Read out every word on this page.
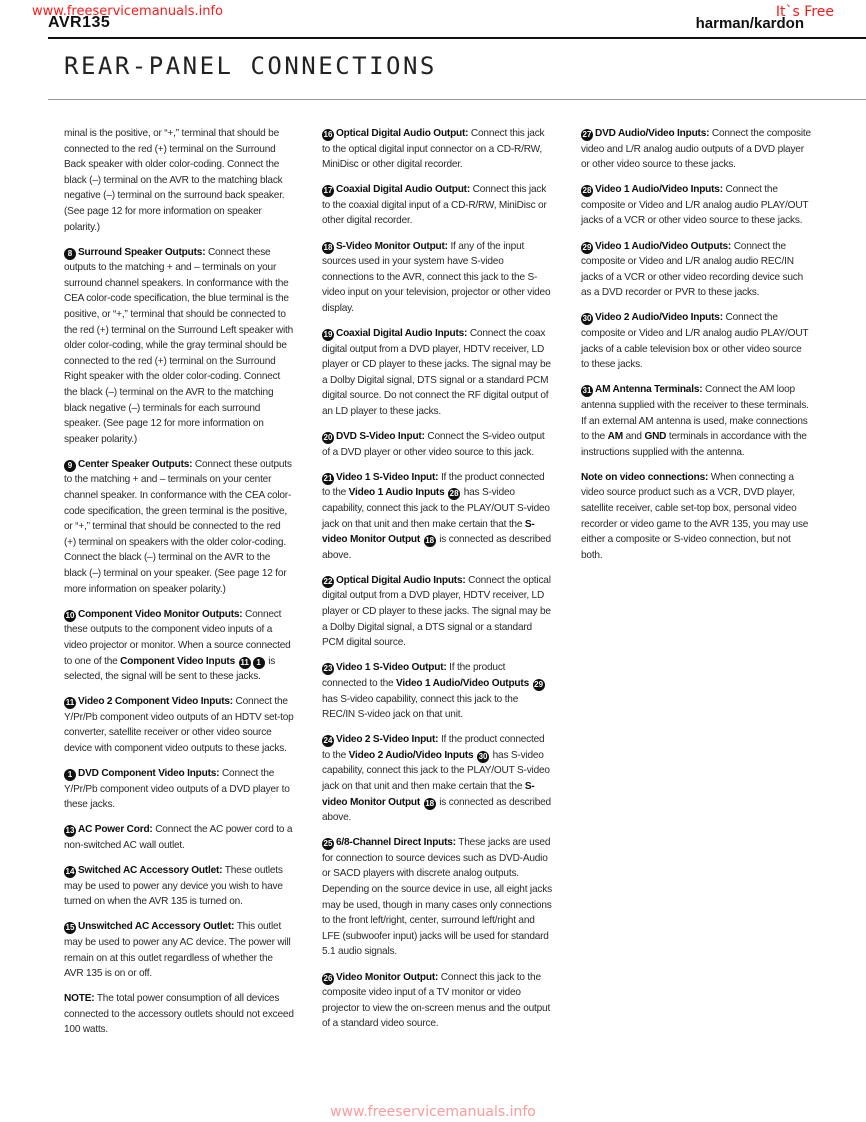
www.freeservicemanuals.info	It`s Free
AVR135	harman/kardon
REAR-PANEL CONNECTIONS

minal is the positive, or “+,” terminal that should be connected to the red (+) terminal on the Surround Back speaker with older color-coding. Connect the black (–) terminal on the AVR to the matching black negative (–) terminal on the surround back speaker. (See page 12 for more information on speaker polarity.)

8 Surround Speaker Outputs: Connect these outputs to the matching + and – terminals on your surround channel speakers. In conformance with the CEA color-code specification, the blue terminal is the positive, or “+,” terminal that should be connected to the red (+) terminal on the Surround Left speaker with older color-coding, while the gray terminal should be connected to the red (+) terminal on the Surround Right speaker with the older color-coding. Connect the black (–) terminal on the AVR to the matching black negative (–) terminals for each surround speaker. (See page 12 for more information on speaker polarity.)

9 Center Speaker Outputs: Connect these outputs to the matching + and – terminals on your center channel speaker. In conformance with the CEA color-code specification, the green terminal is the positive, or “+,” terminal that should be connected to the red (+) terminal on speakers with the older color-coding. Connect the black (–) terminal on the AVR to the black (–) terminal on your speaker. (See page 12 for more information on speaker polarity.)

10 Component Video Monitor Outputs: Connect these outputs to the component video inputs of a video projector or monitor. When a source connected to one of the Component Video Inputs 11 1 is selected, the signal will be sent to these jacks.

11 Video 2 Component Video Inputs: Connect the Y/Pr/Pb component video outputs of an HDTV set-top converter, satellite receiver or other video source device with component video outputs to these jacks.

1 DVD Component Video Inputs: Connect the Y/Pr/Pb component video outputs of a DVD player to these jacks.

13 AC Power Cord: Connect the AC power cord to a non-switched AC wall outlet.

14 Switched AC Accessory Outlet: These outlets may be used to power any device you wish to have turned on when the AVR 135 is turned on.

15 Unswitched AC Accessory Outlet: This outlet may be used to power any AC device. The power will remain on at this outlet regardless of whether the AVR 135 is on or off.

NOTE: The total power consumption of all devices connected to the accessory outlets should not exceed 100 watts.

16 Optical Digital Audio Output: Connect this jack to the optical digital input connector on a CD-R/RW, MiniDisc or other digital recorder.

17 Coaxial Digital Audio Output: Connect this jack to the coaxial digital input of a CD-R/RW, MiniDisc or other digital recorder.

18 S-Video Monitor Output: If any of the input sources used in your system have S-video connections to the AVR, connect this jack to the S-video input on your television, projector or other video display.

19 Coaxial Digital Audio Inputs: Connect the coax digital output from a DVD player, HDTV receiver, LD player or CD player to these jacks. The signal may be a Dolby Digital signal, DTS signal or a standard PCM digital source. Do not connect the RF digital output of an LD player to these jacks.

20 DVD S-Video Input: Connect the S-video output of a DVD player or other video source to this jack.

21 Video 1 S-Video Input: If the product connected to the Video 1 Audio Inputs 28 has S-video capability, connect this jack to the PLAY/OUT S-video jack on that unit and then make certain that the S-video Monitor Output 18 is connected as described above.

22 Optical Digital Audio Inputs: Connect the optical digital output from a DVD player, HDTV receiver, LD player or CD player to these jacks. The signal may be a Dolby Digital signal, a DTS signal or a standard PCM digital source.

23 Video 1 S-Video Output: If the product connected to the Video 1 Audio/Video Outputs 29 has S-video capability, connect this jack to the REC/IN S-video jack on that unit.

24 Video 2 S-Video Input: If the product connected to the Video 2 Audio/Video Inputs 30 has S-video capability, connect this jack to the PLAY/OUT S-video jack on that unit and then make certain that the S-video Monitor Output 18 is connected as described above.

25 6/8-Channel Direct Inputs: These jacks are used for connection to source devices such as DVD-Audio or SACD players with discrete analog outputs. Depending on the source device in use, all eight jacks may be used, though in many cases only connections to the front left/right, center, surround left/right and LFE (subwoofer input) jacks will be used for standard 5.1 audio signals.

26 Video Monitor Output: Connect this jack to the composite video input of a TV monitor or video projector to view the on-screen menus and the output of a standard video source.

27 DVD Audio/Video Inputs: Connect the composite video and L/R analog audio outputs of a DVD player or other video source to these jacks.

28 Video 1 Audio/Video Inputs: Connect the composite or Video and L/R analog audio PLAY/OUT jacks of a VCR or other video source to these jacks.

29 Video 1 Audio/Video Outputs: Connect the composite or Video and L/R analog audio REC/IN jacks of a VCR or other video recording device such as a DVD recorder or PVR to these jacks.

30 Video 2 Audio/Video Inputs: Connect the composite or Video and L/R analog audio PLAY/OUT jacks of a cable television box or other video source to these jacks.

31 AM Antenna Terminals: Connect the AM loop antenna supplied with the receiver to these terminals. If an external AM antenna is used, make connections to the AM and GND terminals in accordance with the instructions supplied with the antenna.

Note on video connections: When connecting a video source product such as a VCR, DVD player, satellite receiver, cable set-top box, personal video recorder or video game to the AVR 135, you may use either a composite or S-video connection, but not both.

www.freeservicemanuals.info
